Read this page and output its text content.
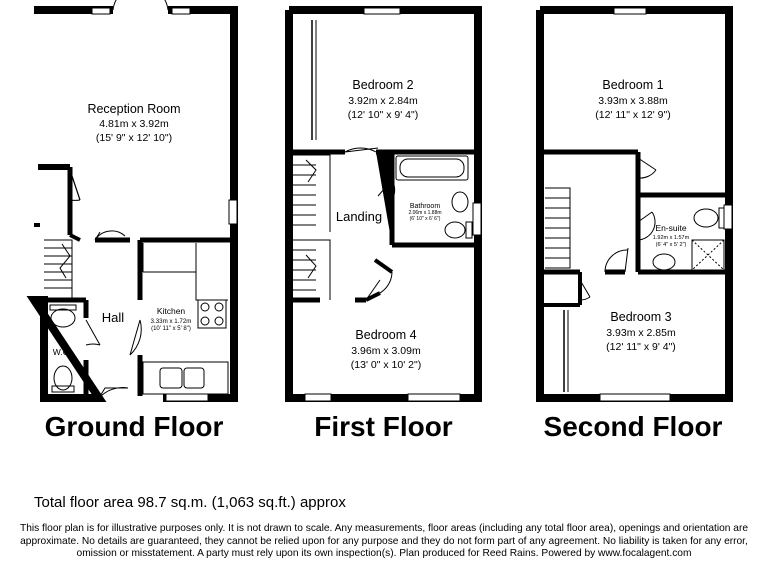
Reception Room
4.81m x 3.92m
(15' 9" x 12' 10")
Hall
W.C.
Kitchen
3.33m x 1.72m
(10' 11" x 5' 8")
Bedroom 2
3.92m x 2.84m
(12' 10" x 9' 4")
Landing
Bathroom
2.06m x 1.88m
(6' 10" x 6' 6")
Bedroom 4
3.96m x 3.09m
(13' 0" x 10' 2")
Bedroom 1
3.93m x 3.88m
(12' 11" x 12' 9")
En-suite
1.92m x 1.57m
(6' 4" x 5' 2")
Bedroom 3
3.93m x 2.85m
(12' 11" x 9' 4")
Ground Floor	First Floor	Second Floor
Total floor area 98.7 sq.m. (1,063 sq.ft.) approx
This floor plan is for illustrative purposes only. It is not drawn to scale. Any measurements, floor areas (including any total floor area), openings and orientation are approximate. No details are guaranteed, they cannot be relied upon for any purpose and they do not form part of any agreement. No liability is taken for any error, omission or misstatement. A party must rely upon its own inspection(s). Plan produced for Reed Rains. Powered by www.focalagent.com
